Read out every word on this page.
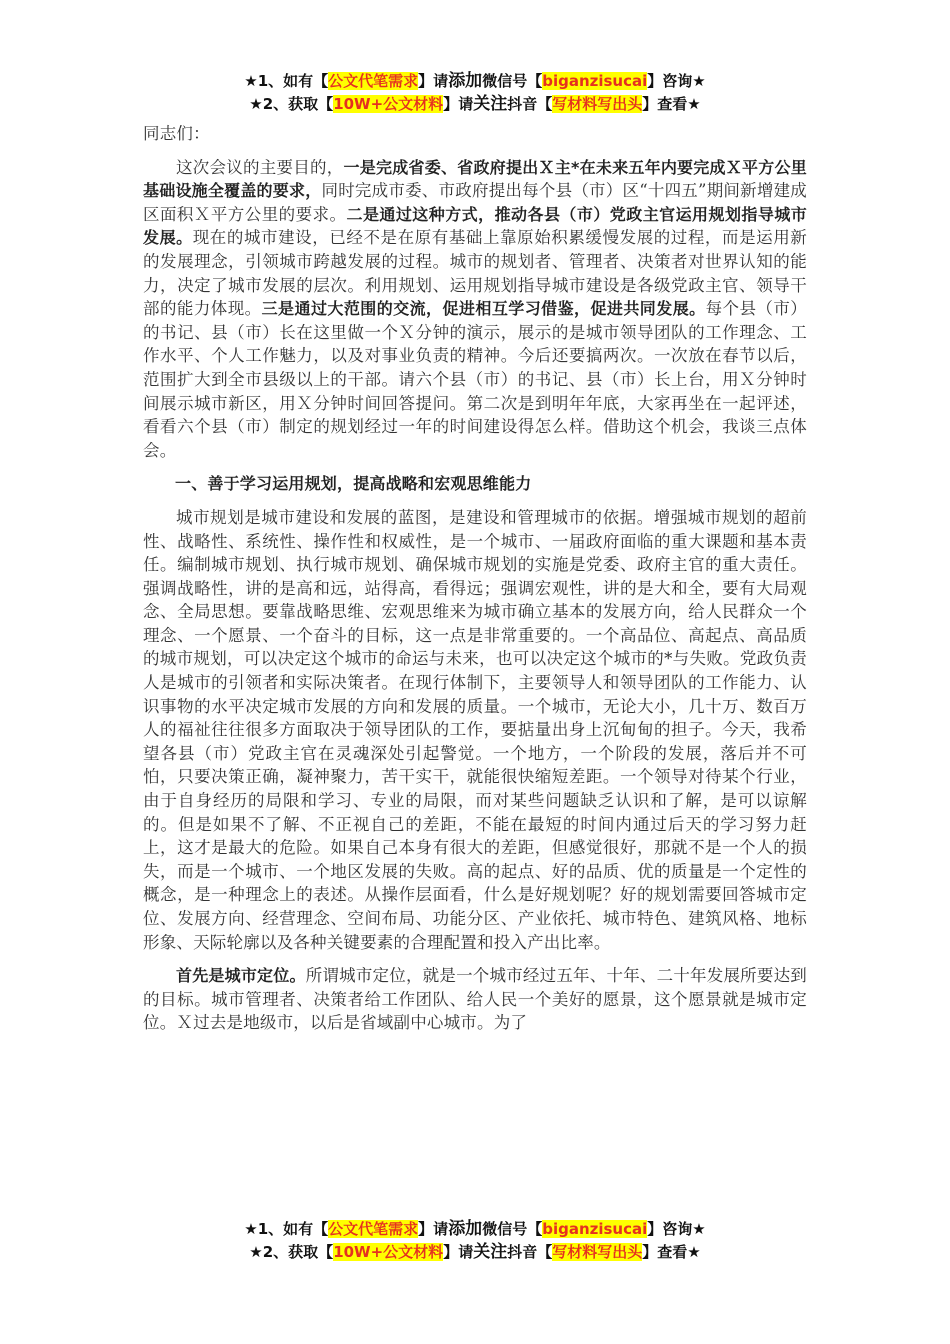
★1、如有【公文代笔需求】请添加微信号【biganzisucai】咨询★
★2、获取【10W+公文材料】请关注抖音【写材料写出头】查看★

同志们：

这次会议的主要目的，一是完成省委、省政府提出Ｘ主*在未来五年内要完成Ｘ平方公里基础设施全覆盖的要求，同时完成市委、市政府提出每个县（市）区“十四五”期间新增建成区面积Ｘ平方公里的要求。二是通过这种方式，推动各县（市）党政主官运用规划指导城市发展。现在的城市建设，已经不是在原有基础上靠原始积累缓慢发展的过程，而是运用新的发展理念，引领城市跨越发展的过程。城市的规划者、管理者、决策者对世界认知的能力，决定了城市发展的层次。利用规划、运用规划指导城市建设是各级党政主官、领导干部的能力体现。三是通过大范围的交流，促进相互学习借鉴，促进共同发展。每个县（市）的书记、县（市）长在这里做一个Ｘ分钟的演示，展示的是城市领导团队的工作理念、工作水平、个人工作魅力，以及对事业负责的精神。今后还要搞两次。一次放在春节以后，范围扩大到全市县级以上的干部。请六个县（市）的书记、县（市）长上台，用Ｘ分钟时间展示城市新区，用Ｘ分钟时间回答提问。第二次是到明年年底，大家再坐在一起评述，看看六个县（市）制定的规划经过一年的时间建设得怎么样。借助这个机会，我谈三点体会。

一、善于学习运用规划，提高战略和宏观思维能力

城市规划是城市建设和发展的蓝图，是建设和管理城市的依据。增强城市规划的超前性、战略性、系统性、操作性和权威性，是一个城市、一届政府面临的重大课题和基本责任。编制城市规划、执行城市规划、确保城市规划的实施是党委、政府主官的重大责任。强调战略性，讲的是高和远，站得高，看得远；强调宏观性，讲的是大和全，要有大局观念、全局思想。要靠战略思维、宏观思维来为城市确立基本的发展方向，给人民群众一个理念、一个愿景、一个奋斗的目标，这一点是非常重要的。一个高品位、高起点、高品质的城市规划，可以决定这个城市的命运与未来，也可以决定这个城市的*与失败。党政负责人是城市的引领者和实际决策者。在现行体制下，主要领导人和领导团队的工作能力、认识事物的水平决定城市发展的方向和发展的质量。一个城市，无论大小，几十万、数百万人的福祉往往很多方面取决于领导团队的工作，要掂量出身上沉甸甸的担子。今天，我希望各县（市）党政主官在灵魂深处引起警觉。一个地方，一个阶段的发展，落后并不可怕，只要决策正确，凝神聚力，苦干实干，就能很快缩短差距。一个领导对待某个行业，由于自身经历的局限和学习、专业的局限，而对某些问题缺乏认识和了解，是可以谅解的。但是如果不了解、不正视自己的差距，不能在最短的时间内通过后天的学习努力赶上，这才是最大的危险。如果自己本身有很大的差距，但感觉很好，那就不是一个人的损失，而是一个城市、一个地区发展的失败。高的起点、好的品质、优的质量是一个定性的概念，是一种理念上的表述。从操作层面看，什么是好规划呢？好的规划需要回答城市定位、发展方向、经营理念、空间布局、功能分区、产业依托、城市特色、建筑风格、地标形象、天际轮廓以及各种关键要素的合理配置和投入产出比率。

首先是城市定位。所谓城市定位，就是一个城市经过五年、十年、二十年发展所要达到的目标。城市管理者、决策者给工作团队、给人民一个美好的愿景，这个愿景就是城市定位。Ｘ过去是地级市，以后是省域副中心城市。为了

★1、如有【公文代笔需求】请添加微信号【biganzisucai】咨询★
★2、获取【10W+公文材料】请关注抖音【写材料写出头】查看★
